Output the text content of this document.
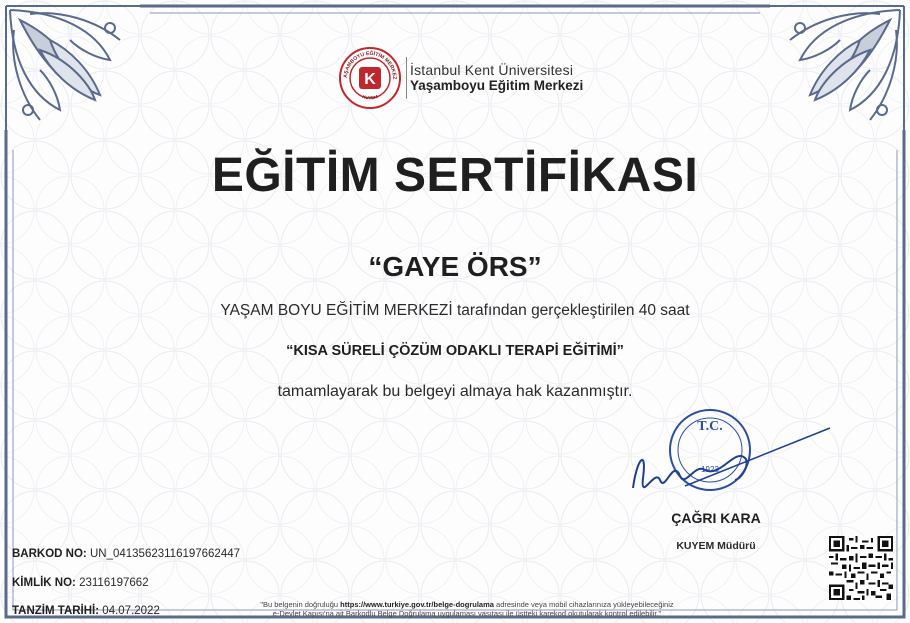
AŞAMBOYU EĞİTİM MERKEZ
KUYEM
K
İstanbul Kent Üniversitesi
Yaşamboyu Eğitim Merkezi
EĞİTİM SERTİFİKASI
“GAYE ÖRS”
YAŞAM BOYU EĞİTİM MERKEZİ tarafından gerçekleştirilen 40 saat
“KISA SÜRELİ ÇÖZÜM ODAKLI TERAPİ EĞİTİMİ”
tamamlayarak bu belgeyi almaya hak kazanmıştır.
T.C.
1923
ÇAĞRI KARA
KUYEM Müdürü
BARKOD NO: UN_04135623116197662447
KİMLİK NO: 23116197662
TANZİM TARİHİ: 04.07.2022
"Bu belgenin doğruluğu https://www.turkiye.gov.tr/belge-dogrulama adresinde veya mobil cihazlarınıza yükleyebileceğiniz
e-Devlet Kapısı'na ait Barkodlu Belge Doğrulama uygulaması vasıtası ile üstteki karekod okutularak kontrol edilebilir."
